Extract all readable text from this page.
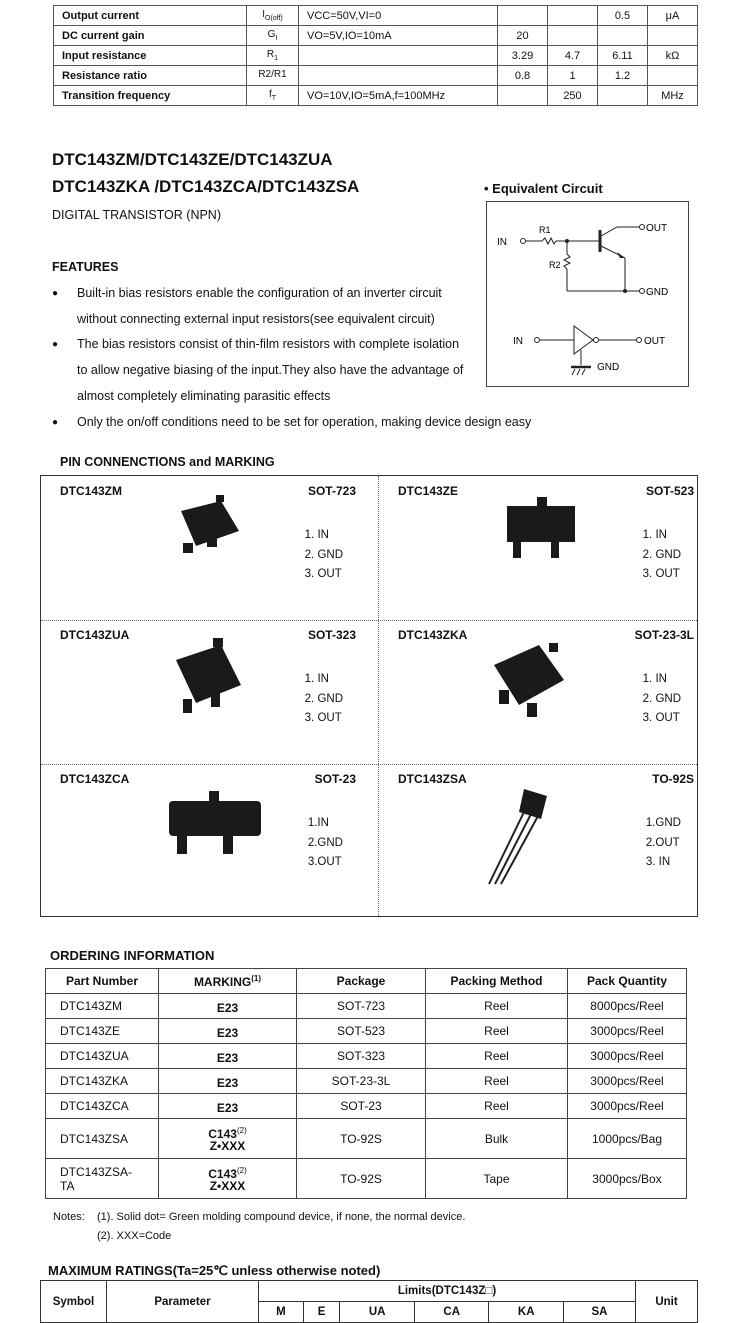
Output current	$I_{O(off)}$	VCC=50V,VI=0			0.5	μA
DC current gain	$G_I$	VO=5V,IO=10mA	20			
Input resistance	$R_1$		3.29	4.7	6.11	kΩ
Resistance ratio	R2/R1		0.8	1	1.2	
Transition frequency	$f_T$	VO=10V,IO=5mA,f=100MHz		250		MHz
DTC143ZM/DTC143ZE/DTC143ZUA
DTC143ZKA /DTC143ZCA/DTC143ZSA
DIGITAL TRANSISTOR (NPN)
• Equivalent Circuit
IN
R1
R2
OUT
GND
IN	OUT
GND
FEATURES
● Built-in bias resistors enable the configuration of an inverter circuit
without connecting external input resistors(see equivalent circuit)
● The bias resistors consist of thin-film resistors with complete isolation
to allow negative biasing of the input.They also have the advantage of
almost completely eliminating parasitic effects
● Only the on/off conditions need to be set for operation, making device design easy
PIN CONNENCTIONS and MARKING
DTC143ZM	SOT-723
1. IN
2. GND
3. OUT
DTC143ZE	SOT-523
1. IN
2. GND
3. OUT
DTC143ZUA	SOT-323
1. IN
2. GND
3. OUT
DTC143ZKA	SOT-23-3L
1. IN
2. GND
3. OUT
DTC143ZCA	SOT-23
1.IN
2.GND
3.OUT
DTC143ZSA	TO-92S
1.GND
2.OUT
3. IN
ORDERING INFORMATION
Part Number	MARKING$^{(1)}$	Package	Packing Method	Pack Quantity
DTC143ZM	E23	SOT-723	Reel	8000pcs/Reel
DTC143ZE	E23	SOT-523	Reel	3000pcs/Reel
DTC143ZUA	E23	SOT-323	Reel	3000pcs/Reel
DTC143ZKA	E23	SOT-23-3L	Reel	3000pcs/Reel
DTC143ZCA	E23	SOT-23	Reel	3000pcs/Reel
DTC143ZSA	C143$^{(2)}$
Z•XXX	TO-92S	Bulk	1000pcs/Bag
DTC143ZSA-TA	C143$^{(2)}$
Z•XXX	TO-92S	Tape	3000pcs/Box
Notes: (1). Solid dot= Green molding compound device, if none, the normal device.
(2). XXX=Code
MAXIMUM RATINGS(Ta=25℃ unless otherwise noted)
Symbol	Parameter	Limits(DTC143Z□)						Unit
		M	E	UA	CA	KA	SA	
